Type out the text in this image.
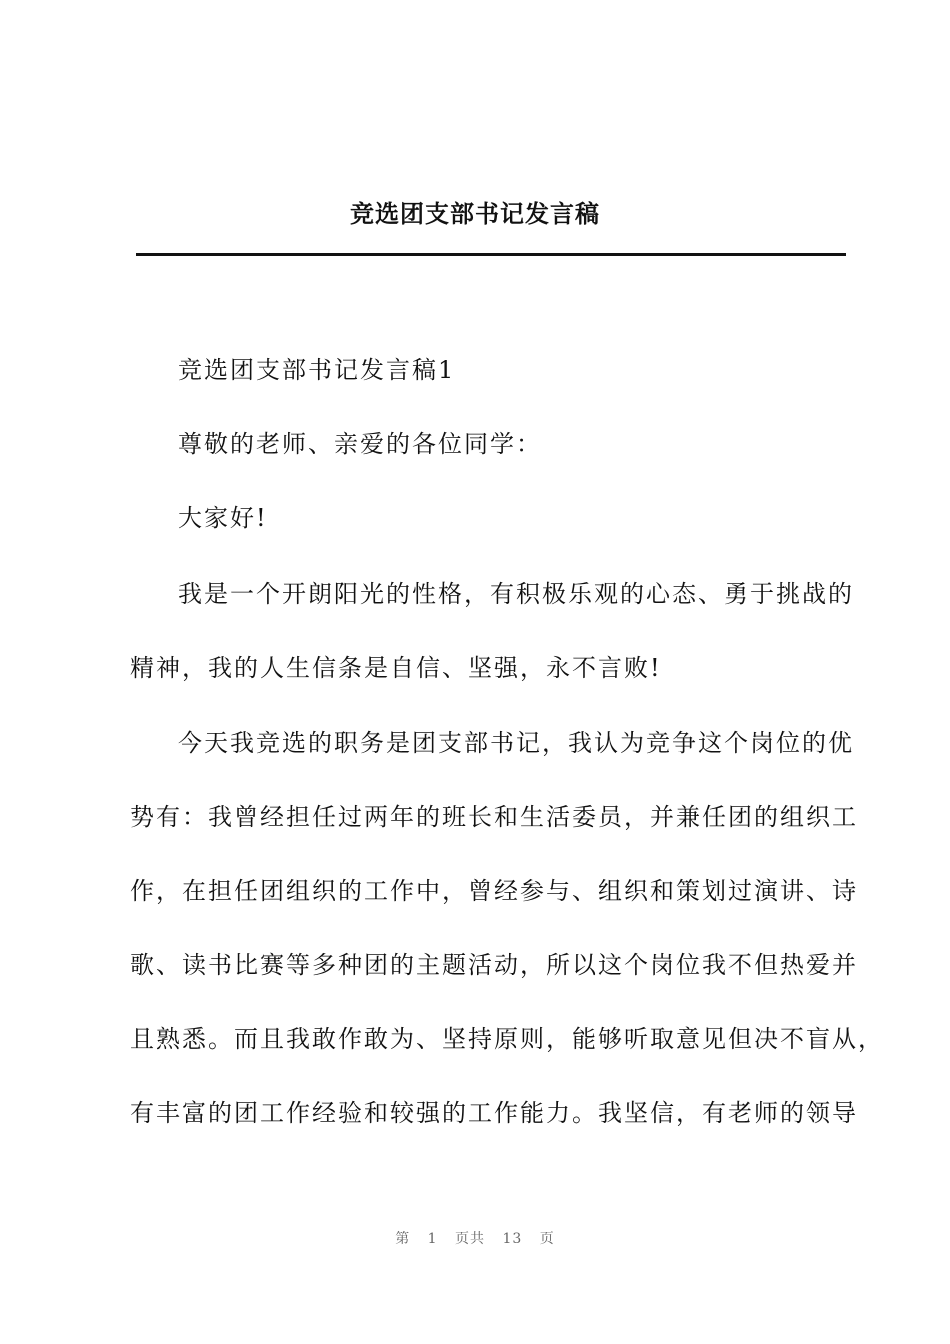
竞选团支部书记发言稿
竞选团支部书记发言稿1
尊敬的老师、亲爱的各位同学：
大家好!
我是一个开朗阳光的性格，有积极乐观的心态、勇于挑战的
精神，我的人生信条是自信、坚强，永不言败!
今天我竞选的职务是团支部书记，我认为竞争这个岗位的优
势有：我曾经担任过两年的班长和生活委员，并兼任团的组织工
作，在担任团组织的工作中，曾经参与、组织和策划过演讲、诗
歌、读书比赛等多种团的主题活动，所以这个岗位我不但热爱并
且熟悉。而且我敢作敢为、坚持原则，能够听取意见但决不盲从，
有丰富的团工作经验和较强的工作能力。我坚信，有老师的领导
第 1 页共 13 页
